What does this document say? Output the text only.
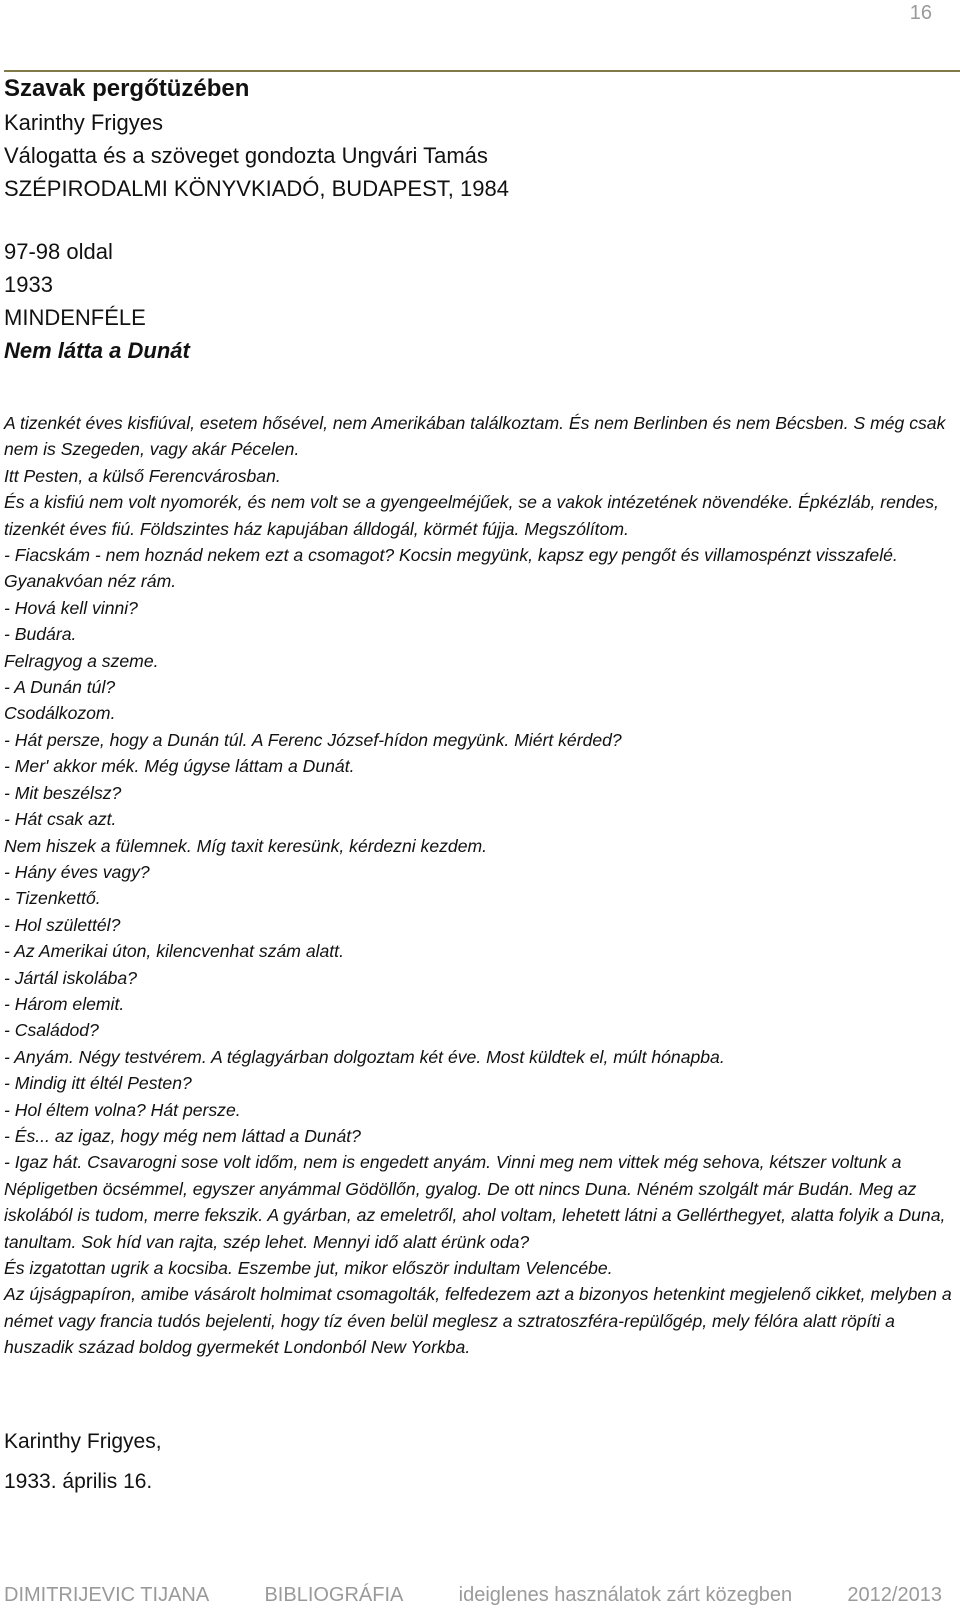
16
Szavak pergőtüzében
Karinthy Frigyes
Válogatta és a szöveget gondozta Ungvári Tamás
SZÉPIRODALMI KÖNYVKIADÓ, BUDAPEST, 1984
97-98 oldal
1933
MINDENFÉLE
Nem látta a Dunát
A tizenkét éves kisfiúval, esetem hősével, nem Amerikában találkoztam. És nem Berlinben és nem Bécsben. S még csak nem is Szegeden, vagy akár Pécelen.
Itt Pesten, a külső Ferencvárosban.
És a kisfiú nem volt nyomorék, és nem volt se a gyengeelméjűek, se a vakok intézetének növendéke. Épkézláb, rendes, tizenkét éves fiú. Földszintes ház kapujában álldogál, körmét fújja. Megszólítom.
- Fiacskám - nem hoznád nekem ezt a csomagot? Kocsin megyünk, kapsz egy pengőt és villamospénzt visszafelé.
Gyanakvóan néz rám.
- Hová kell vinni?
- Budára.
Felragyog a szeme.
- A Dunán túl?
Csodálkozom.
- Hát persze, hogy a Dunán túl. A Ferenc József-hídon megyünk. Miért kérded?
- Mer' akkor mék. Még úgyse láttam a Dunát.
- Mit beszélsz?
- Hát csak azt.
Nem hiszek a fülemnek. Míg taxit keresünk, kérdezni kezdem.
- Hány éves vagy?
- Tizenkettő.
- Hol születtél?
- Az Amerikai úton, kilencvenhat szám alatt.
- Jártál iskolába?
- Három elemit.
- Családod?
- Anyám. Négy testvérem. A téglagyárban dolgoztam két éve. Most küldtek el, múlt hónapba.
- Mindig itt éltél Pesten?
- Hol éltem volna? Hát persze.
- És... az igaz, hogy még nem láttad a Dunát?
- Igaz hát. Csavarogni sose volt időm, nem is engedett anyám. Vinni meg nem vittek még sehova, kétszer voltunk a Népligetben öcsémmel, egyszer anyámmal Gödöllőn, gyalog. De ott nincs Duna. Néném szolgált már Budán. Meg az iskolából is tudom, merre fekszik. A gyárban, az emeletről, ahol voltam, lehetett látni a Gellérthegyet, alatta folyik a Duna, tanultam. Sok híd van rajta, szép lehet. Mennyi idő alatt érünk oda?
És izgatottan ugrik a kocsiba. Eszembe jut, mikor először indultam Velencébe.
Az újságpapíron, amibe vásárolt holmimat csomagolták, felfedezem azt a bizonyos hetenkint megjelenő cikket, melyben a német vagy francia tudós bejelenti, hogy tíz éven belül meglesz a sztratoszféra-repülőgép, mely félóra alatt röpíti a huszadik század boldog gyermekét Londonból New Yorkba.
Karinthy Frigyes,
1933. április 16.
DIMITRIJEVIC TIJANA	BIBLIOGRÁFIA	ideiglenes használatok zárt közegben	2012/2013
